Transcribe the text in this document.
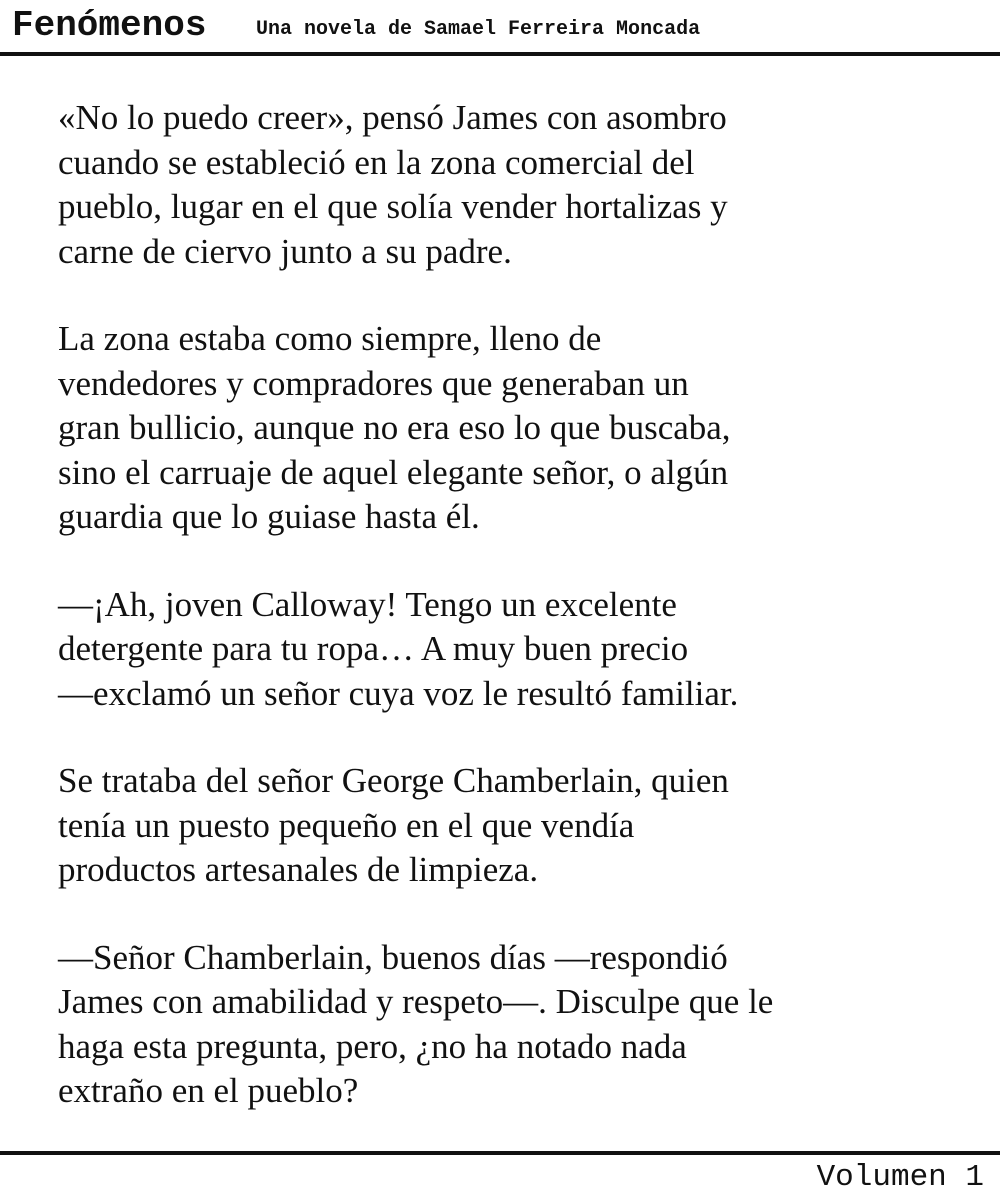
Fenómenos Una novela de Samael Ferreira Moncada

«No lo puedo creer», pensó James con asombro
cuando se estableció en la zona comercial del
pueblo, lugar en el que solía vender hortalizas y
carne de ciervo junto a su padre.

La zona estaba como siempre, lleno de
vendedores y compradores que generaban un
gran bullicio, aunque no era eso lo que buscaba,
sino el carruaje de aquel elegante señor, o algún
guardia que lo guiase hasta él.

—¡Ah, joven Calloway! Tengo un excelente
detergente para tu ropa… A muy buen precio
—exclamó un señor cuya voz le resultó familiar.

Se trataba del señor George Chamberlain, quien
tenía un puesto pequeño en el que vendía
productos artesanales de limpieza.

—Señor Chamberlain, buenos días —respondió
James con amabilidad y respeto—. Disculpe que le
haga esta pregunta, pero, ¿no ha notado nada
extraño en el pueblo?

Volumen 1
